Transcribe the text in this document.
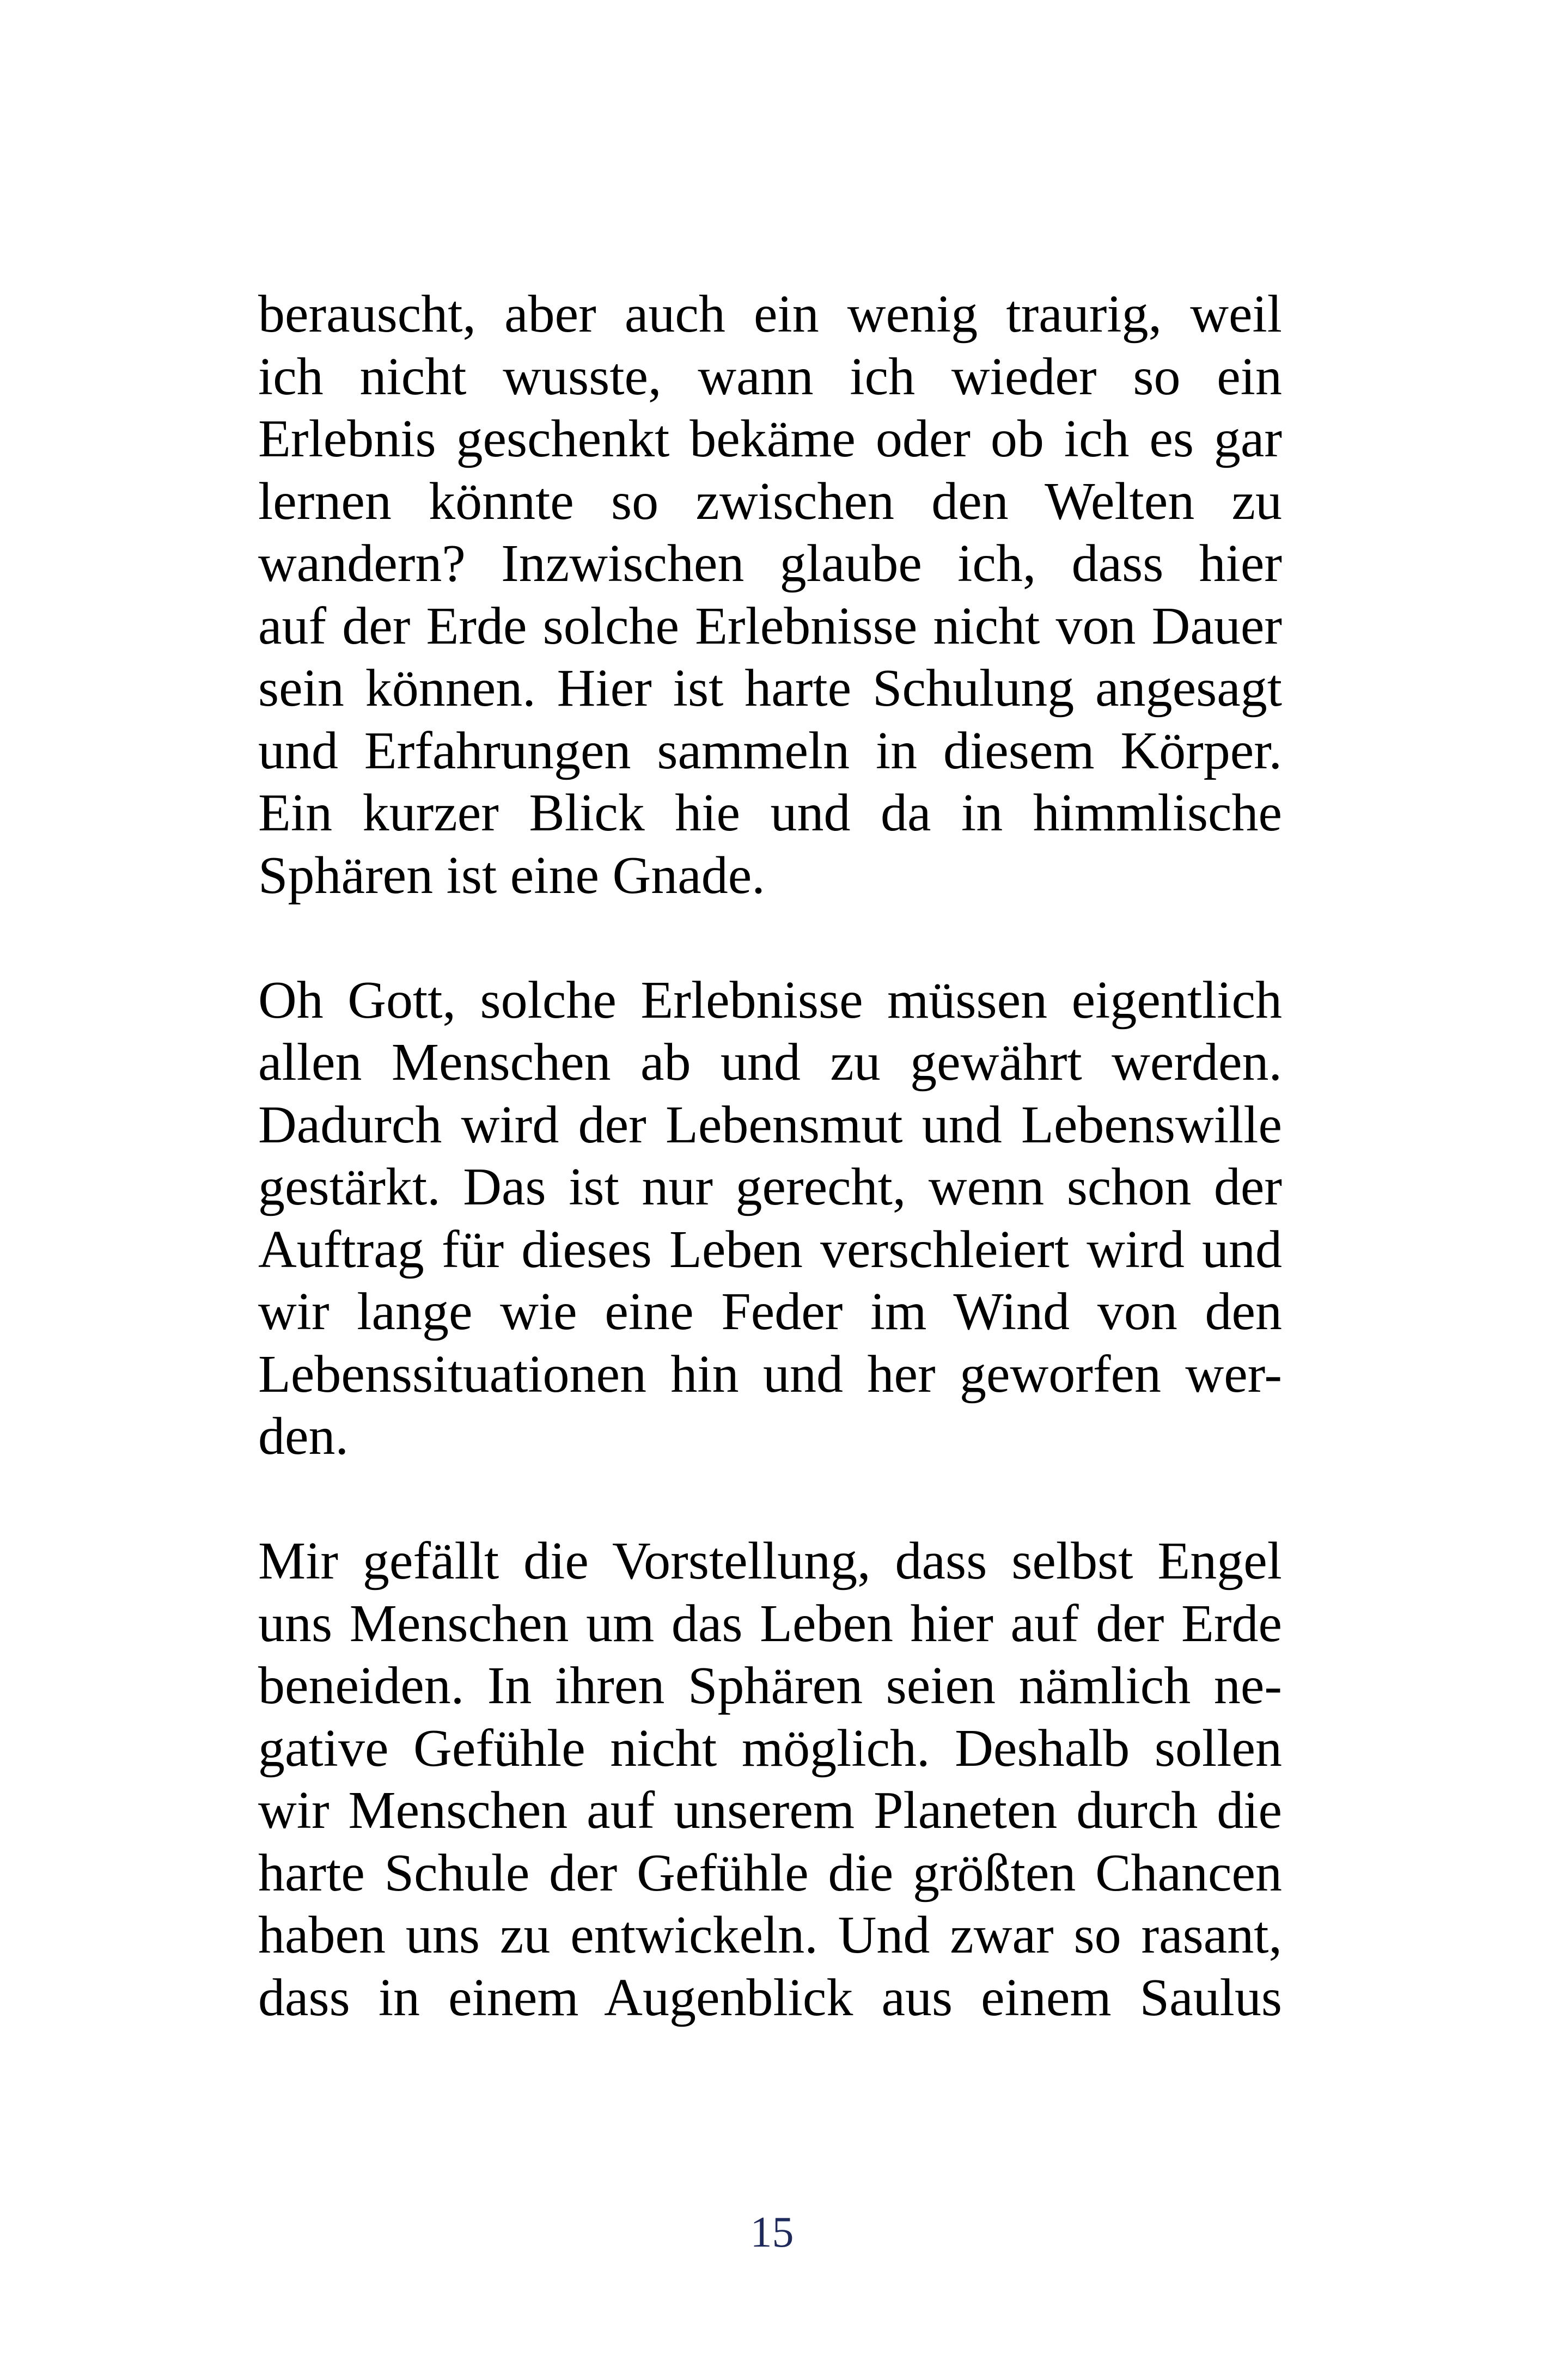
berauscht, aber auch ein wenig traurig, weil
ich nicht wusste, wann ich wieder so ein
Erlebnis geschenkt bekäme oder ob ich es gar
lernen könnte so zwischen den Welten zu
wandern? Inzwischen glaube ich, dass hier
auf der Erde solche Erlebnisse nicht von Dauer
sein können. Hier ist harte Schulung angesagt
und Erfahrungen sammeln in diesem Körper.
Ein kurzer Blick hie und da in himmlische
Sphären ist eine Gnade.
Oh Gott, solche Erlebnisse müssen eigentlich
allen Menschen ab und zu gewährt werden.
Dadurch wird der Lebensmut und Lebenswille
gestärkt. Das ist nur gerecht, wenn schon der
Auftrag für dieses Leben verschleiert wird und
wir lange wie eine Feder im Wind von den
Lebenssituationen hin und her geworfen wer-
den.
Mir gefällt die Vorstellung, dass selbst Engel
uns Menschen um das Leben hier auf der Erde
beneiden. In ihren Sphären seien nämlich ne-
gative Gefühle nicht möglich. Deshalb sollen
wir Menschen auf unserem Planeten durch die
harte Schule der Gefühle die größten Chancen
haben uns zu entwickeln. Und zwar so rasant,
dass in einem Augenblick aus einem Saulus
15
